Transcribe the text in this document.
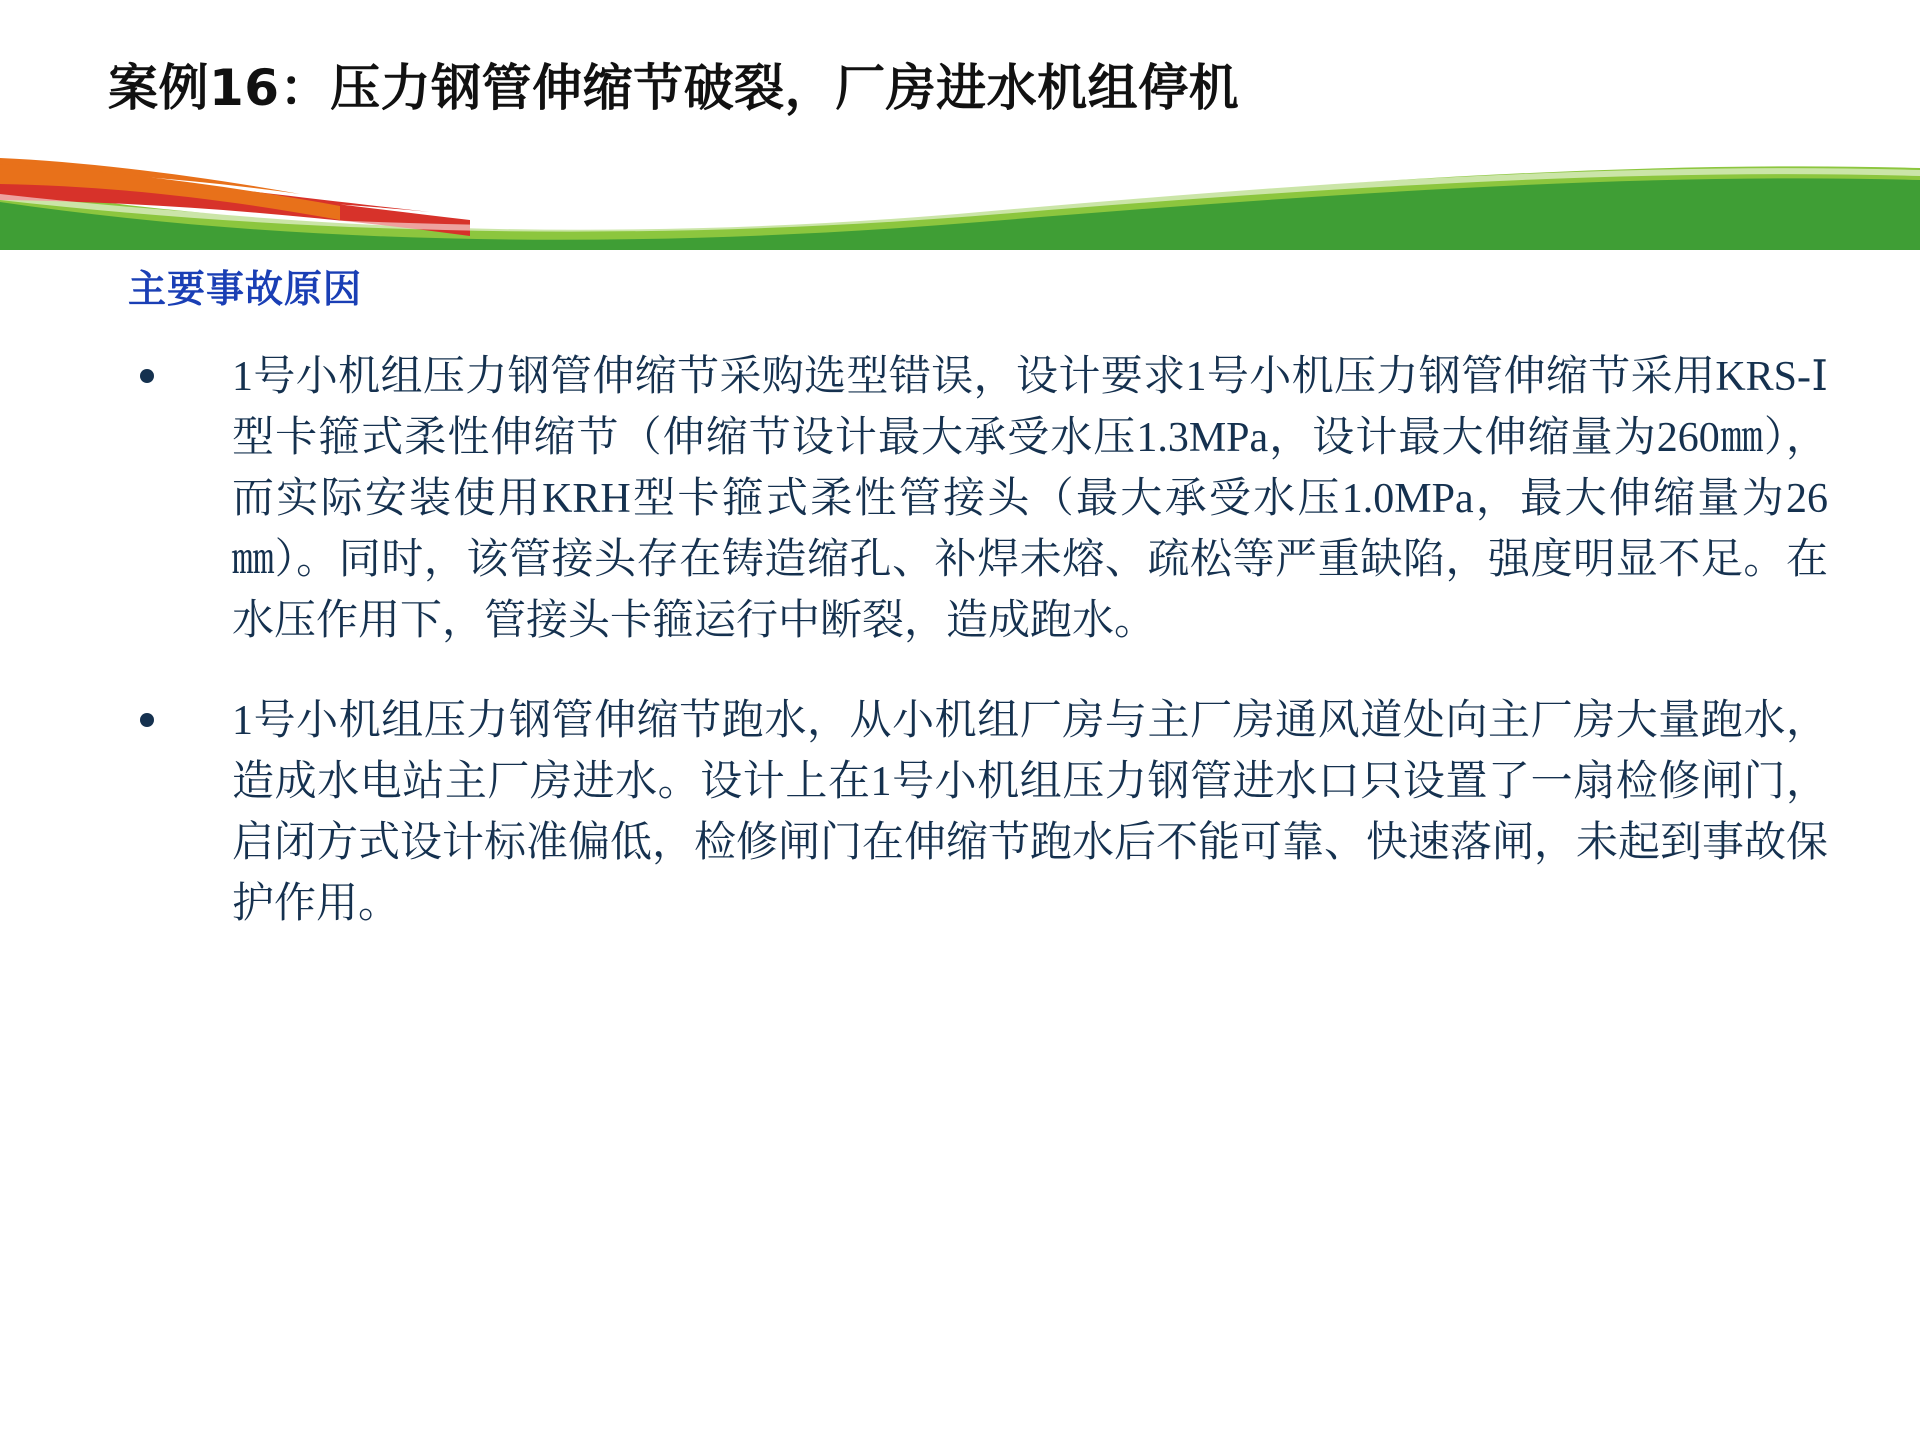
案例16：压力钢管伸缩节破裂，厂房进水机组停机
主要事故原因
1号小机组压力钢管伸缩节采购选型错误，设计要求1号小机压力钢管伸缩节采用KRS-Ⅰ型卡箍式柔性伸缩节（伸缩节设计最大承受水压1.3MPa，设计最大伸缩量为260㎜），而实际安装使用KRH型卡箍式柔性管接头（最大承受水压1.0MPa，最大伸缩量为26㎜）。同时，该管接头存在铸造缩孔、补焊未熔、疏松等严重缺陷，强度明显不足。在水压作用下，管接头卡箍运行中断裂，造成跑水。
1号小机组压力钢管伸缩节跑水，从小机组厂房与主厂房通风道处向主厂房大量跑水，造成水电站主厂房进水。设计上在1号小机组压力钢管进水口只设置了一扇检修闸门，启闭方式设计标准偏低，检修闸门在伸缩节跑水后不能可靠、快速落闸，未起到事故保护作用。
